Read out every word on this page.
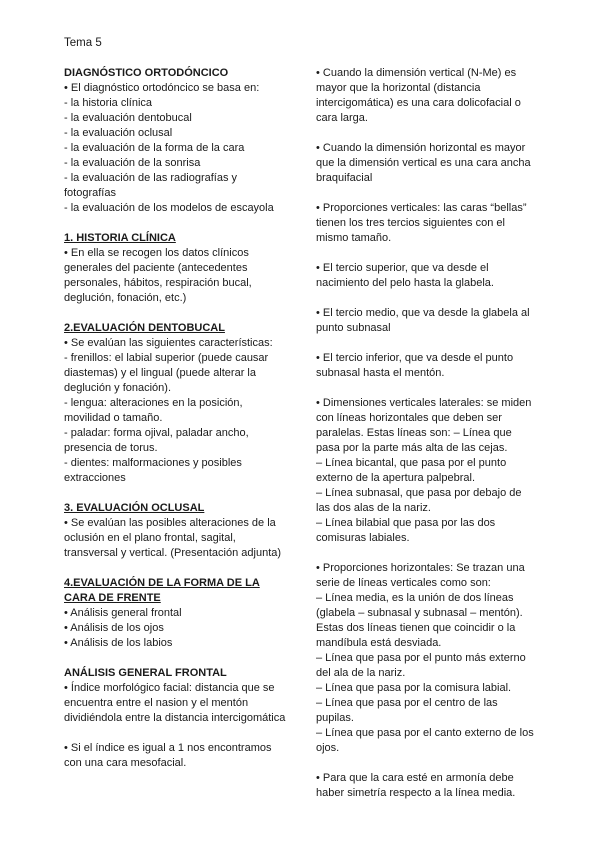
Tema 5

DIAGNÓSTICO ORTODÓNCICO

• El diagnóstico ortodóncico se basa en:

- la historia clínica

- la evaluación dentobucal

- la evaluación oclusal

- la evaluación de la forma de la cara

- la evaluación de la sonrisa

- la evaluación de las radiografías y fotografías

- la evaluación de los modelos de escayola

1. HISTORIA CLÍNICA

• En ella se recogen los datos clínicos generales del paciente (antecedentes personales, hábitos, respiración bucal, deglución, fonación, etc.)

2.EVALUACIÓN DENTOBUCAL

• Se evalúan las siguientes características:

- frenillos: el labial superior (puede causar diastemas) y el lingual (puede alterar la deglución y fonación).

- lengua: alteraciones en la posición, movilidad o tamaño.

- paladar: forma ojival, paladar ancho, presencia de torus.

- dientes: malformaciones y posibles extracciones

3. EVALUACIÓN OCLUSAL

• Se evalúan las posibles alteraciones de la oclusión en el plano frontal, sagital, transversal y vertical. (Presentación adjunta)

4.EVALUACIÓN DE LA FORMA DE LA CARA DE FRENTE

• Análisis general frontal

• Análisis de los ojos

• Análisis de los labios

ANÁLISIS GENERAL FRONTAL

• Índice morfológico facial: distancia que se encuentra entre el nasion y el mentón dividiéndola entre la distancia intercigomática

• Si el índice es igual a 1 nos encontramos con una cara mesofacial.

• Cuando la dimensión vertical (N-Me) es mayor que la horizontal (distancia intercigomática) es una cara dolicofacial o cara larga.

• Cuando la dimensión horizontal es mayor que la dimensión vertical es una cara ancha braquifacial

• Proporciones verticales: las caras “bellas” tienen los tres tercios siguientes con el mismo tamaño.

• El tercio superior, que va desde el nacimiento del pelo hasta la glabela.

• El tercio medio, que va desde la glabela al punto subnasal

• El tercio inferior, que va desde el punto subnasal hasta el mentón.

• Dimensiones verticales laterales: se miden con líneas horizontales que deben ser paralelas. Estas líneas son: – Línea que pasa por la parte más alta de las cejas.

– Línea bicantal, que pasa por el punto externo de la apertura palpebral.

– Línea subnasal, que pasa por debajo de las dos alas de la nariz.

– Línea bilabial que pasa por las dos comisuras labiales.

• Proporciones horizontales: Se trazan una serie de líneas verticales como son:

– Línea media, es la unión de dos líneas (glabela – subnasal y subnasal – mentón). Estas dos líneas tienen que coincidir o la mandíbula está desviada.

– Línea que pasa por el punto más externo del ala de la nariz.

– Línea que pasa por la comisura labial.

– Línea que pasa por el centro de las pupilas.

– Línea que pasa por el canto externo de los ojos.

• Para que la cara esté en armonía debe haber simetría respecto a la línea media.
